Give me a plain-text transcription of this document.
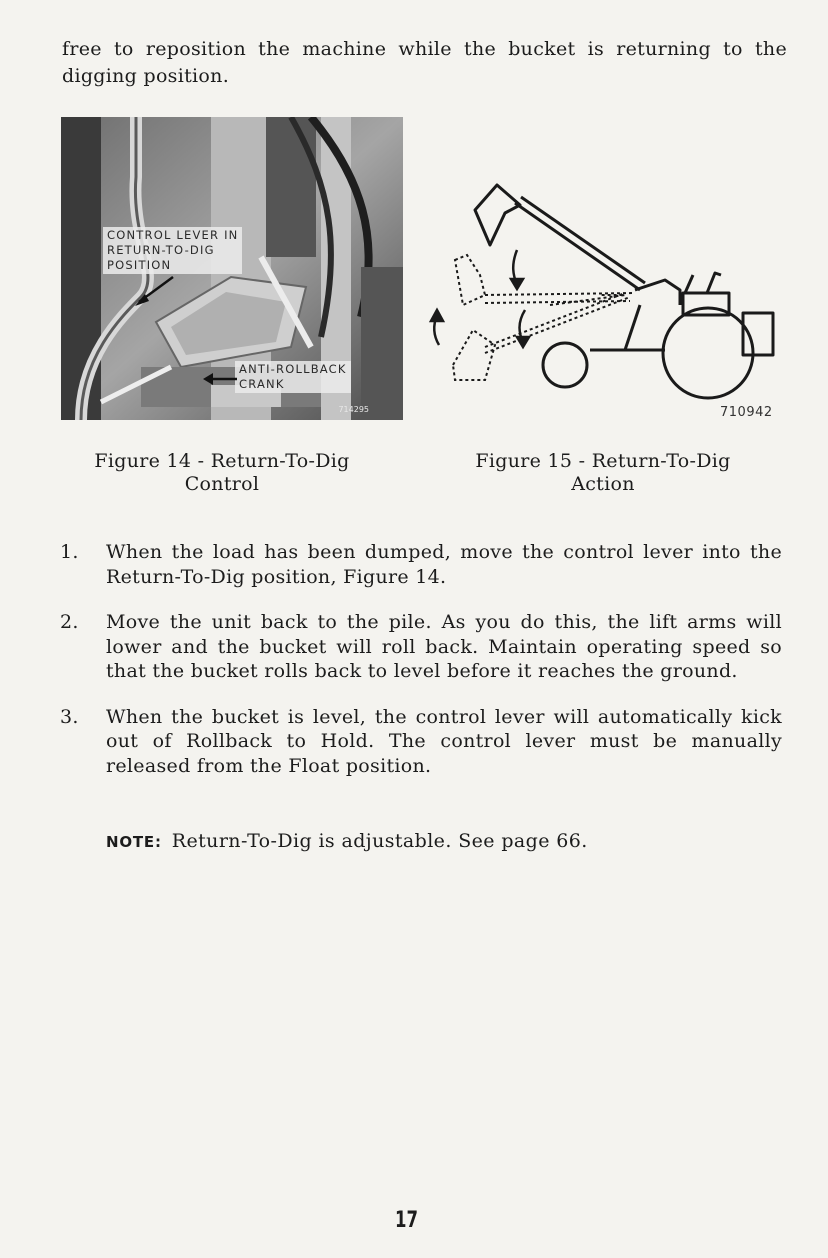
free to reposition the machine while the bucket is returning to the digging position.

CONTROL LEVER IN
RETURN-TO-DIG
POSITION
ANTI-ROLLBACK
CRANK
714295	710942
Figure 14 - Return-To-Dig
Control
Figure 15 - Return-To-Dig
Action
1. When the load has been dumped, move the control lever into the Return-To-Dig position, Figure 14.
2. Move the unit back to the pile. As you do this, the lift arms will lower and the bucket will roll back. Maintain operating speed so that the bucket rolls back to level before it reaches the ground.
3. When the bucket is level, the control lever will automatically kick out of Rollback to Hold. The control lever must be manually released from the Float position.
NOTE: Return-To-Dig is adjustable. See page 66.
17
